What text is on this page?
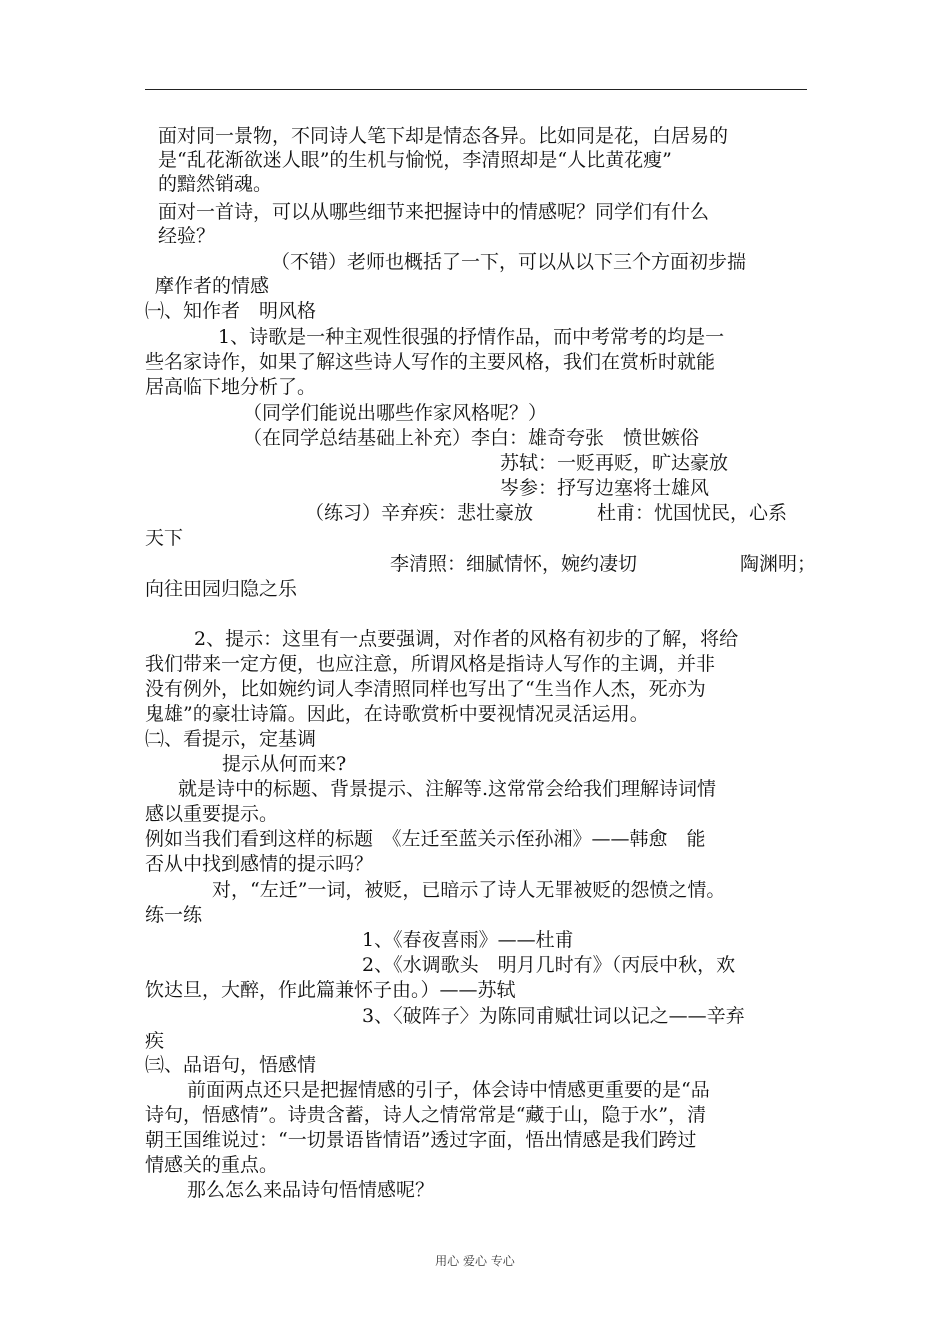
面对同一景物，不同诗人笔下却是情态各异。比如同是花，白居易的
是“乱花渐欲迷人眼”的生机与愉悦，李清照却是“人比黄花瘦”
的黯然销魂。
面对一首诗，可以从哪些细节来把握诗中的情感呢？同学们有什么
经验？
（不错）老师也概括了一下，可以从以下三个方面初步揣
摩作者的情感
㈠、知作者　明风格
1、诗歌是一种主观性很强的抒情作品，而中考常考的均是一
些名家诗作，如果了解这些诗人写作的主要风格，我们在赏析时就能
居高临下地分析了。
（同学们能说出哪些作家风格呢？）
（在同学总结基础上补充）李白：雄奇夸张　愤世嫉俗
苏轼：一贬再贬，旷达豪放
岑参：抒写边塞将士雄风
（练习）辛弃疾：悲壮豪放	杜甫：忧国忧民，心系
天下
李清照：细腻情怀，婉约凄切	陶渊明；
向往田园归隐之乐
2、提示：这里有一点要强调，对作者的风格有初步的了解，将给
我们带来一定方便，也应注意，所谓风格是指诗人写作的主调，并非
没有例外，比如婉约词人李清照同样也写出了“生当作人杰，死亦为
鬼雄”的豪壮诗篇。因此，在诗歌赏析中要视情况灵活运用。
㈡、看提示，定基调
提示从何而来?
就是诗中的标题、背景提示、注解等.这常常会给我们理解诗词情
感以重要提示。
例如当我们看到这样的标题　《左迁至蓝关示侄孙湘》——韩愈　能
否从中找到感情的提示吗？
对，“左迁”一词，被贬，已暗示了诗人无罪被贬的怨愤之情。
练一练
1、《春夜喜雨》——杜甫
2、《水调歌头　明月几时有》（丙辰中秋，欢
饮达旦，大醉，作此篇兼怀子由。）——苏轼
3、〈破阵子〉为陈同甫赋壮词以记之——辛弃
疾
㈢、品语句，悟感情
前面两点还只是把握情感的引子，体会诗中情感更重要的是“品
诗句，悟感情”。诗贵含蓄，诗人之情常常是“藏于山，隐于水”，清
朝王国维说过：“一切景语皆情语”透过字面，悟出情感是我们跨过
情感关的重点。
那么怎么来品诗句悟情感呢？
用心 爱心 专心
